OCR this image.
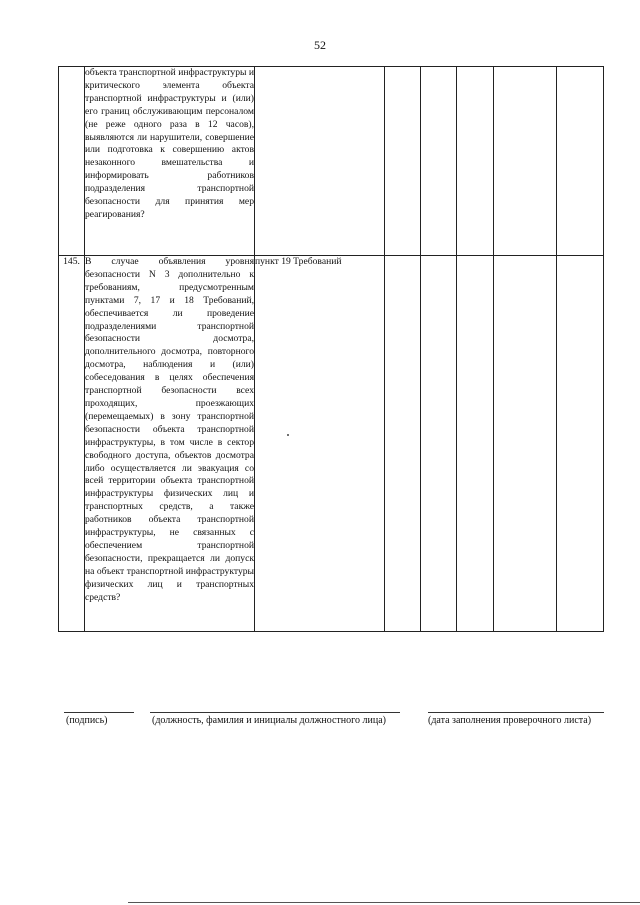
52
	объекта транспортной инфраструктуры и критического элемента объекта транспортной инфраструктуры и (или) его границ обслуживающим персоналом (не реже одного раза в 12 часов), выявляются ли нарушители, совершение или подготовка к совершению актов незаконного вмешательства и информировать работников подразделения транспортной безопасности для принятия мер реагирования?						
145.	В случае объявления уровня безопасности N 3 дополнительно к требованиям, предусмотренным пунктами 7, 17 и 18 Требований, обеспечивается ли проведение подразделениями транспортной безопасности досмотра, дополнительного досмотра, повторного досмотра, наблюдения и (или) собеседования в целях обеспечения транспортной безопасности всех проходящих, проезжающих (перемещаемых) в зону транспортной безопасности объекта транспортной инфраструктуры, в том числе в сектор свободного доступа, объектов досмотра либо осуществляется ли эвакуация со всей территории объекта транспортной инфраструктуры физических лиц и транспортных средств, а также работников объекта транспортной инфраструктуры, не связанных с обеспечением транспортной безопасности, прекращается ли допуск на объект транспортной инфраструктуры физических лиц и транспортных средств?	пункт 19 Требований					
(подпись)	(должность, фамилия и инициалы должностного лица)	(дата заполнения проверочного листа)
